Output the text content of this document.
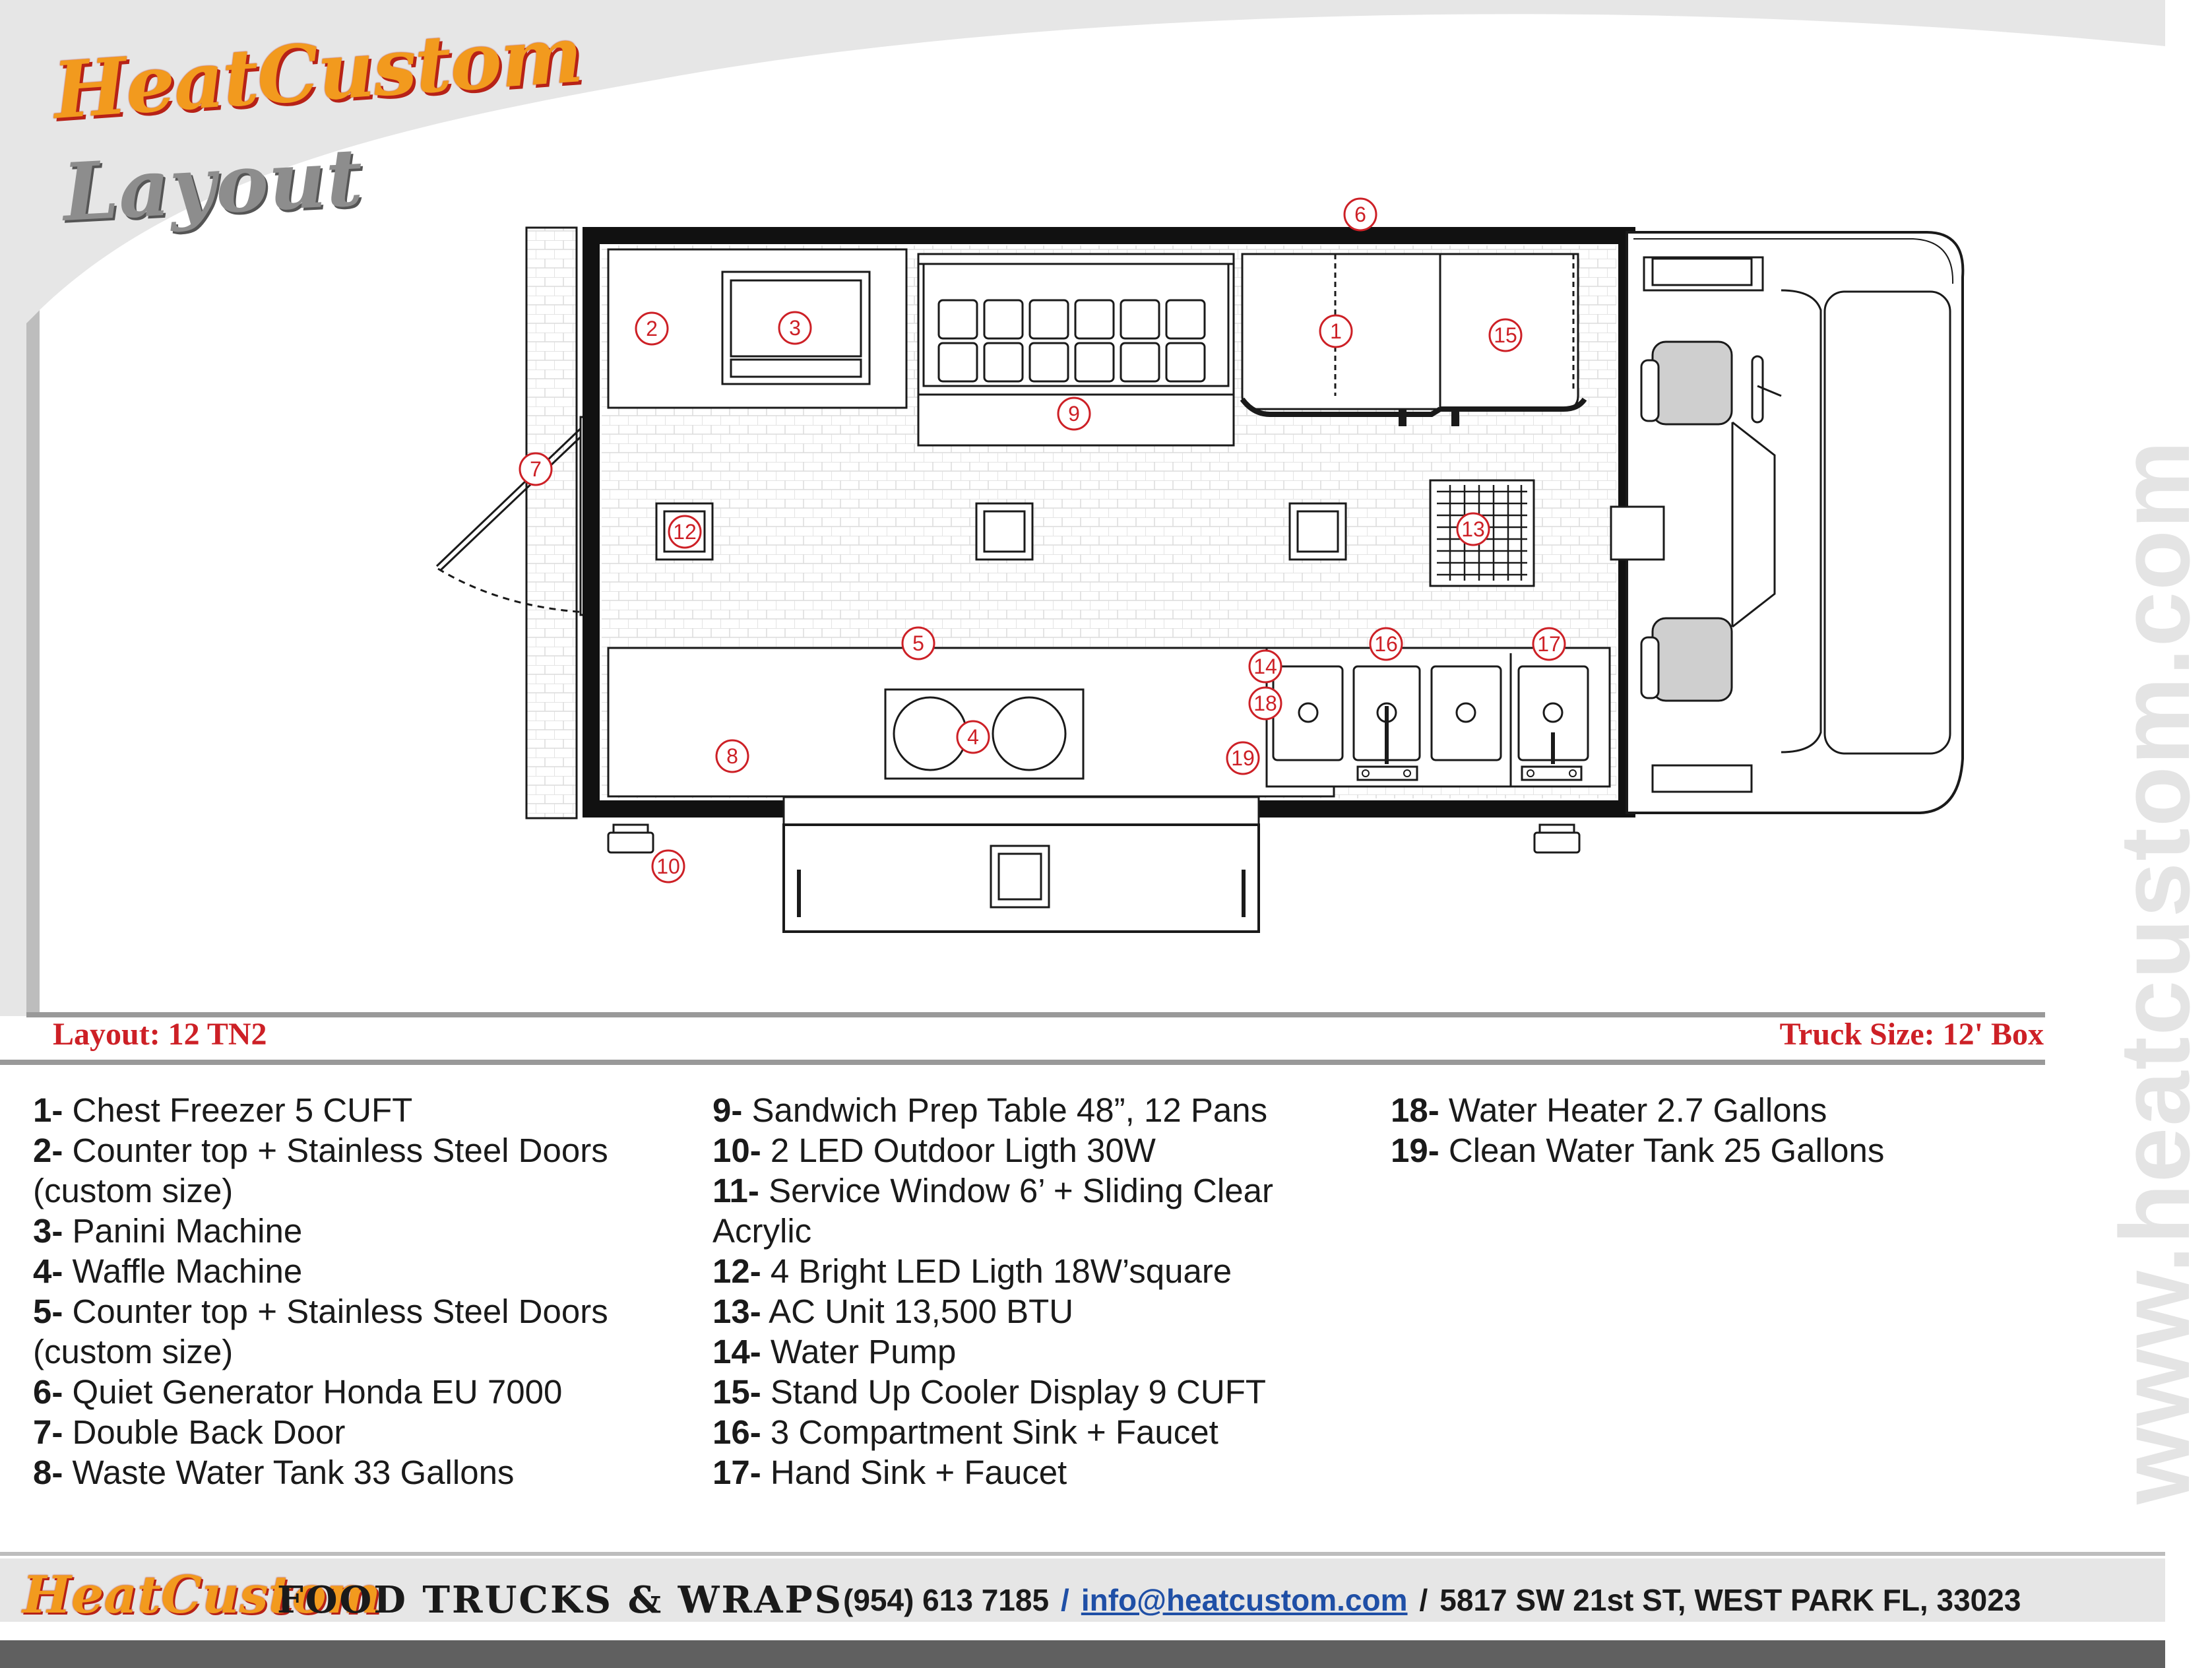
6
2	3	1	15
9
7
12	13
5	16	17
14
18
4
8	19
10
HeatCustom
Layout
www.heatcustom.com
Layout: 12 TN2	Truck Size: 12' Box
1- Chest Freezer 5 CUFT
2- Counter top + Stainless Steel Doors (custom size)
3- Panini Machine
4- Waffle Machine
5- Counter top + Stainless Steel Doors (custom size)
6- Quiet Generator Honda EU 7000
7- Double Back Door
8- Waste Water Tank 33 Gallons
9- Sandwich Prep Table 48”, 12 Pans
10- 2 LED Outdoor Ligth 30W
11- Service Window 6’ + Sliding Clear Acrylic
12- 4 Bright LED Ligth 18W’square
13- AC Unit 13,500 BTU
14- Water Pump
15- Stand Up Cooler Display 9 CUFT
16- 3 Compartment Sink + Faucet
17- Hand Sink + Faucet
18- Water Heater 2.7 Gallons
19- Clean Water Tank 25 Gallons
HeatCustom
FOOD TRUCKS & WRAPS (954) 613 7185 / info@heatcustom.com / 5817 SW 21st ST, WEST PARK FL, 33023
